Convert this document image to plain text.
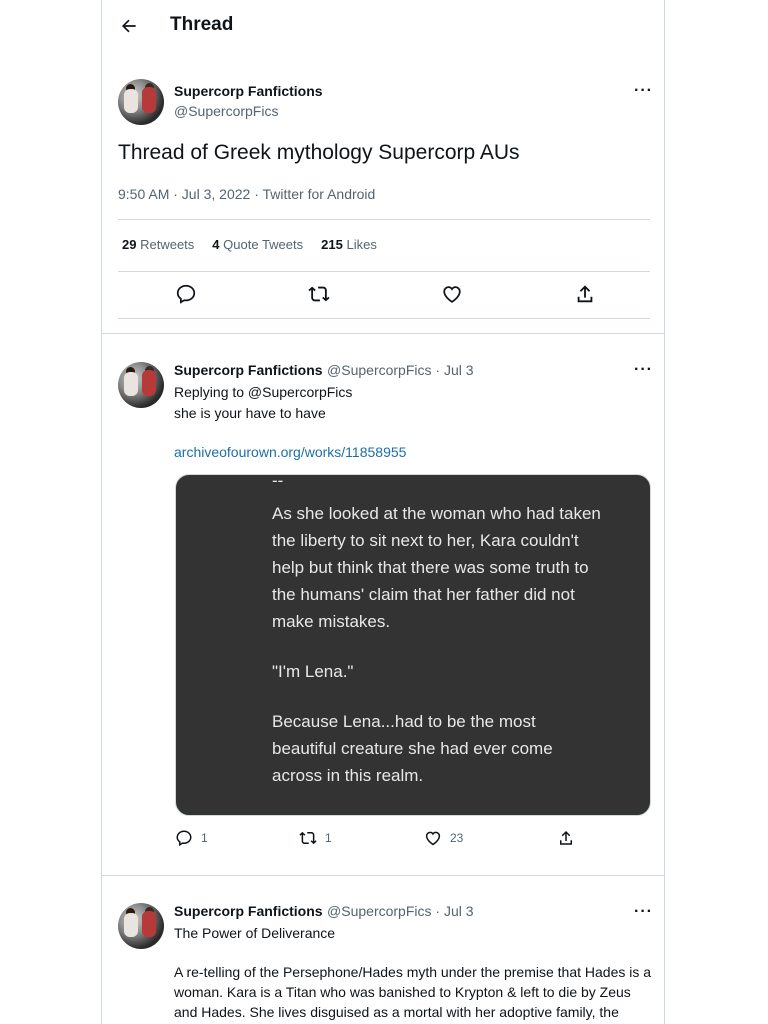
Thread
Supercorp Fanfictions
@SupercorpFics
···
Thread of Greek mythology Supercorp AUs
9:50 AM · Jul 3, 2022 · Twitter for Android
29 Retweets 4 Quote Tweets 215 Likes
Supercorp Fanfictions @SupercorpFics · Jul 3	···
Replying to @SupercorpFics
she is your have to have
archiveofourown.org/works/11858955

--

As she looked at the woman who had taken the liberty to sit next to her, Kara couldn't help but think that there was some truth to the humans' claim that her father did not make mistakes.

"I'm Lena."

Because Lena...had to be the most beautiful creature she had ever come across in this realm.

1	1	23
Supercorp Fanfictions @SupercorpFics · Jul 3	···
The Power of Deliverance
A re-telling of the Persephone/Hades myth under the premise that Hades is a woman. Kara is a Titan who was banished to Krypton & left to die by Zeus and Hades. She lives disguised as a mortal with her adoptive family, the
